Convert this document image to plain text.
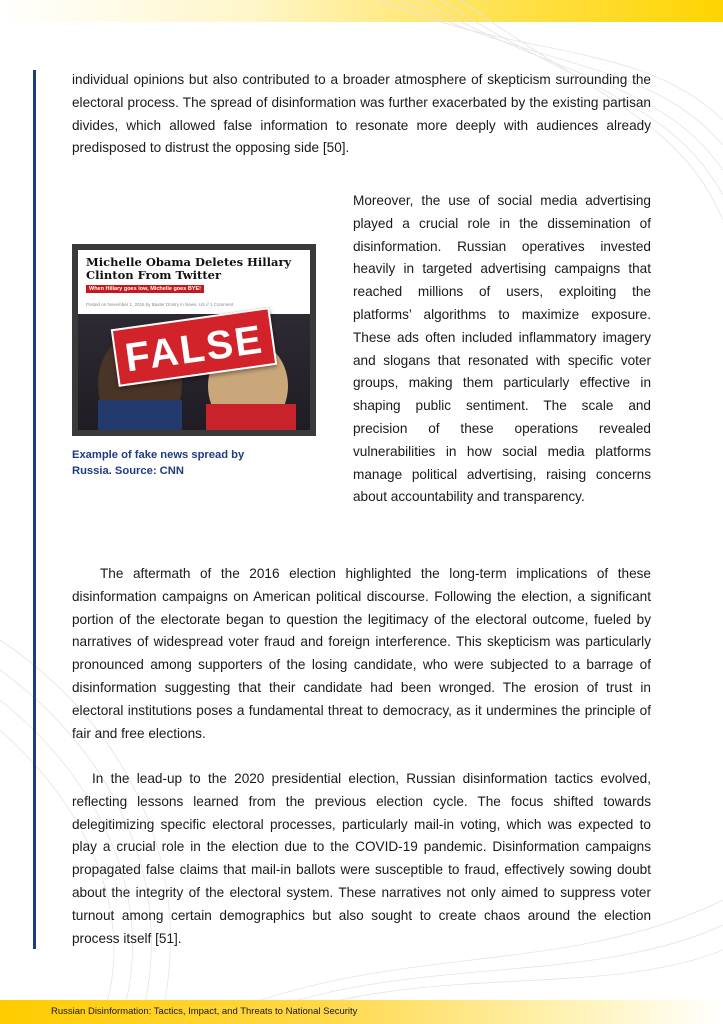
individual opinions but also contributed to a broader atmosphere of skepticism surrounding the electoral process. The spread of disinformation was further exacerbated by the existing partisan divides, which allowed false information to resonate more deeply with audiences already predisposed to distrust the opposing side [50].

Michelle Obama Deletes Hillary Clinton From Twitter
When Hillary goes low, Michelle goes BYE!
Posted on November 1, 2016 by Baxter Dmitry in News, US // 1 Comment
FALSE
Example of fake news spread by Russia. Source: CNN

Moreover, the use of social media advertising played a crucial role in the dissemination of disinformation. Russian operatives invested heavily in targeted advertising campaigns that reached millions of users, exploiting the platforms’ algorithms to maximize exposure. These ads often included inflammatory imagery and slogans that resonated with specific voter groups, making them particularly effective in shaping public sentiment. The scale and precision of these operations revealed vulnerabilities in how social media platforms manage political advertising, raising concerns about accountability and transparency.

The aftermath of the 2016 election highlighted the long-term implications of these disinformation campaigns on American political discourse. Following the election, a significant portion of the electorate began to question the legitimacy of the electoral outcome, fueled by narratives of widespread voter fraud and foreign interference. This skepticism was particularly pronounced among supporters of the losing candidate, who were subjected to a barrage of disinformation suggesting that their candidate had been wronged. The erosion of trust in electoral institutions poses a fundamental threat to democracy, as it undermines the principle of fair and free elections.

In the lead-up to the 2020 presidential election, Russian disinformation tactics evolved, reflecting lessons learned from the previous election cycle. The focus shifted towards delegitimizing specific electoral processes, particularly mail-in voting, which was expected to play a crucial role in the election due to the COVID-19 pandemic. Disinformation campaigns propagated false claims that mail-in ballots were susceptible to fraud, effectively sowing doubt about the integrity of the electoral system. These narratives not only aimed to suppress voter turnout among certain demographics but also sought to create chaos around the election process itself [51].

Russian Disinformation: Tactics, Impact, and Threats to National Security
